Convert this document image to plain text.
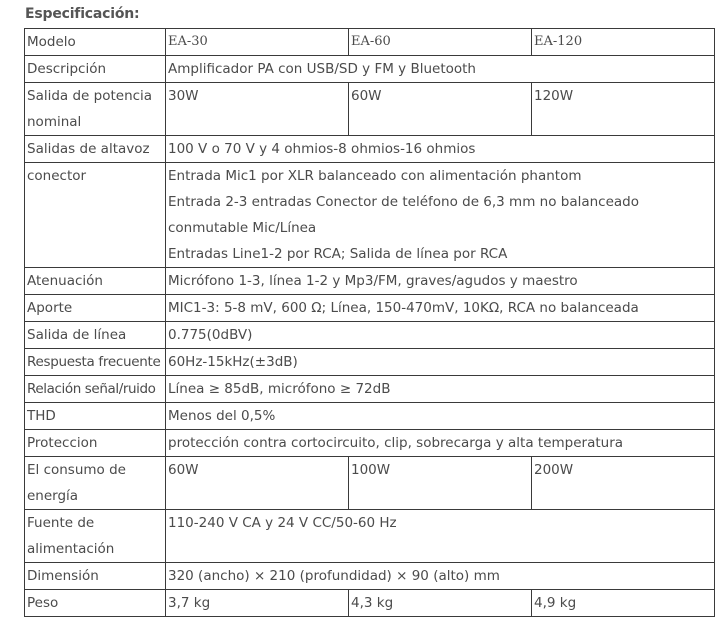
Especificación:
Modelo	EA-30	EA-60	EA-120
Descripción	Amplificador PA con USB/SD y FM y Bluetooth		
Salida de potencia nominal	30W	60W	120W
Salidas de altavoz	100 V o 70 V y 4 ohmios-8 ohmios-16 ohmios		
conector	Entrada Mic1 por XLR balanceado con alimentación phantom
Entrada 2-3 entradas Conector de teléfono de 6,3 mm no balanceado conmutable Mic/Línea
Entradas Line1-2 por RCA; Salida de línea por RCA		

Atenuación	Micrófono 1-3, línea 1-2 y Mp3/FM, graves/agudos y maestro		
Aporte	MIC1-3: 5-8 mV, 600 Ω; Línea, 150-470mV, 10KΩ, RCA no balanceada		
Salida de línea	0.775(0dBV)		
Respuesta frecuente	60Hz-15kHz(±3dB)		
Relación señal/ruido	Línea ≥ 85dB, micrófono ≥ 72dB		
THD	Menos del 0,5%		
Proteccion	protección contra cortocircuito, clip, sobrecarga y alta temperatura		
El consumo de energía	60W	100W	200W
Fuente de alimentación	110-240 V CA y 24 V CC/50-60 Hz		
Dimensión	320 (ancho) × 210 (profundidad) × 90 (alto) mm		
Peso	3,7 kg	4,3 kg	4,9 kg
